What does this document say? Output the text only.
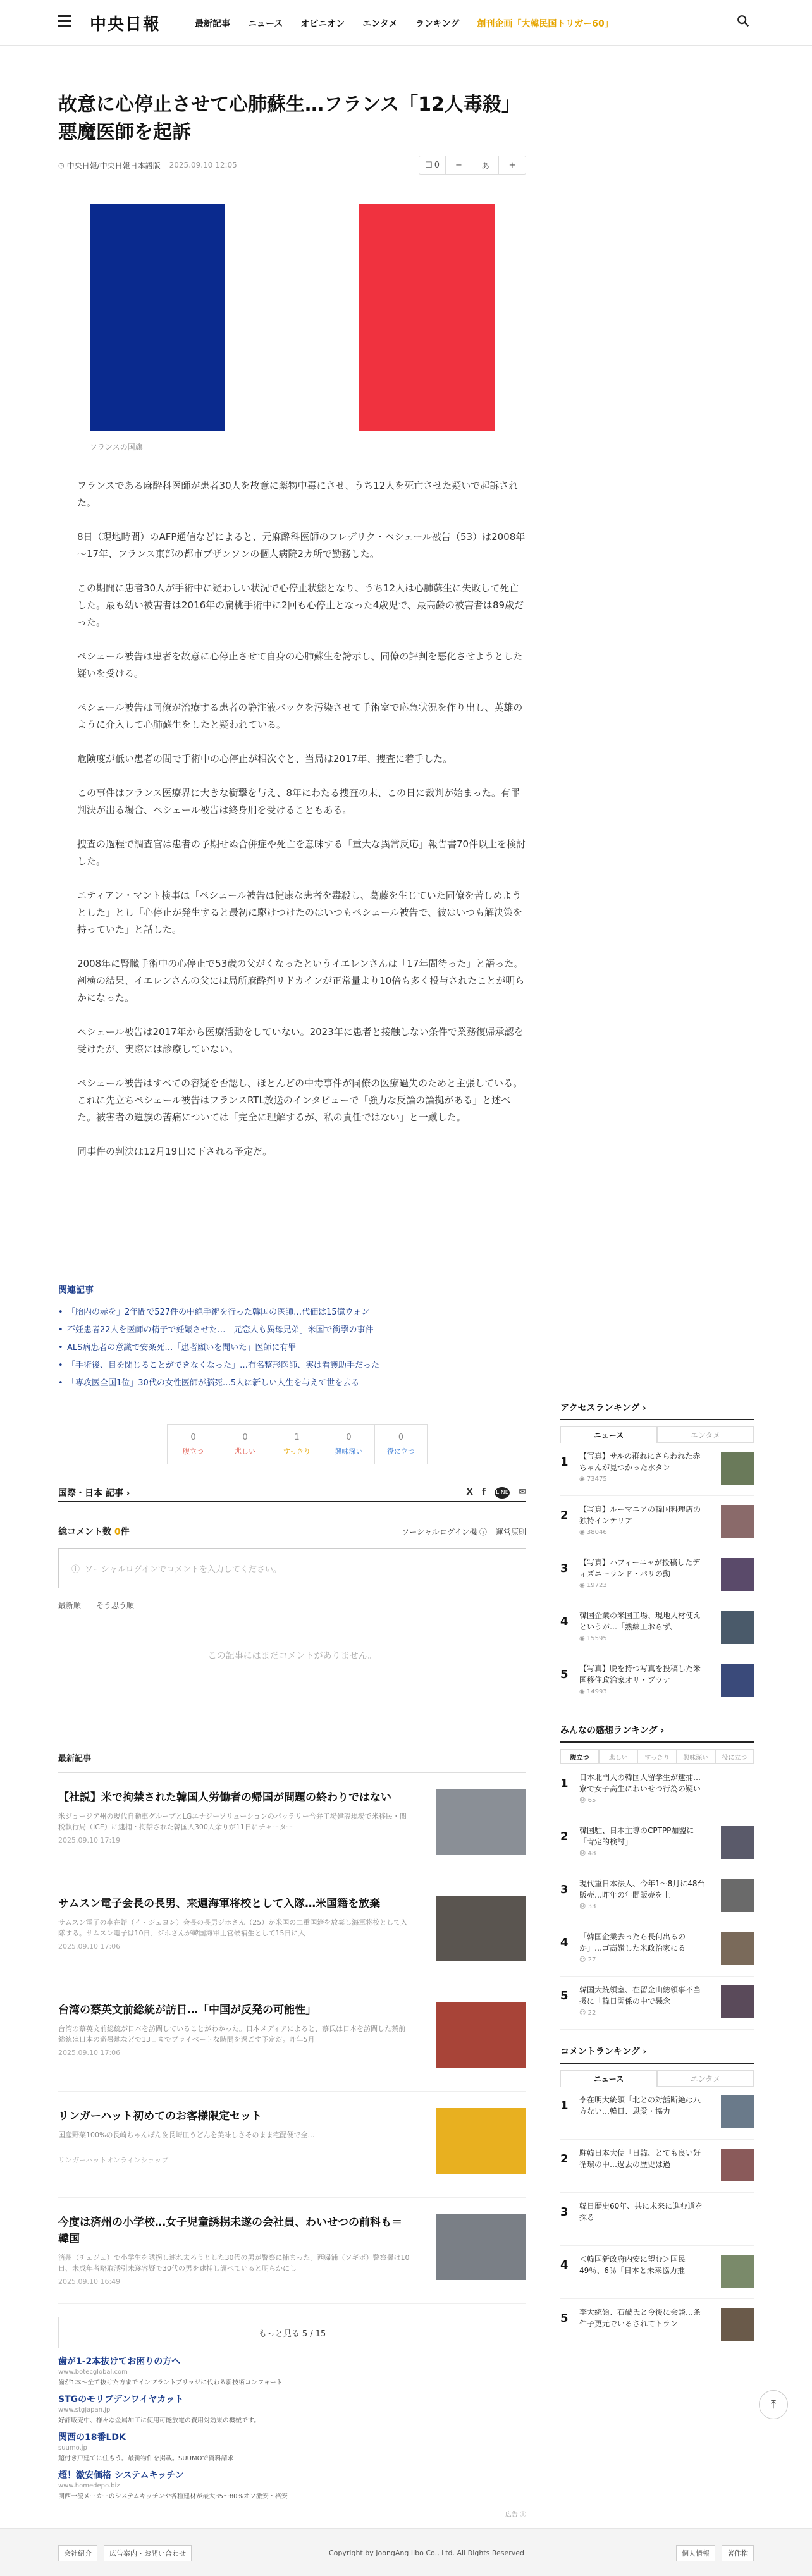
中央日報	最新記事 ニュース オピニオン エンタメ ランキング 創刊企画「大韓民国トリガー60」
故意に心停止させて心肺蘇生…フランス「12人毒殺」悪魔医師を起訴
◷ 中央日報/中央日報日本語版 2025.09.10 12:05	☐ 0	−	あ	+
フランスの国旗

フランスである麻酔科医師が患者30人を故意に薬物中毒にさせ、うち12人を死亡させた疑いで起訴された。

8日（現地時間）のAFP通信などによると、元麻酔科医師のフレデリク・ペシェール被告（53）は2008年～17年、フランス東部の都市ブザンソンの個人病院2カ所で勤務した。

この期間に患者30人が手術中に疑わしい状況で心停止状態となり、うち12人は心肺蘇生に失敗して死亡した。最も幼い被害者は2016年の扁桃手術中に2回も心停止となった4歳児で、最高齢の被害者は89歳だった。

ペシェール被告は患者を故意に心停止させて自身の心肺蘇生を誇示し、同僚の評判を悪化させようとした疑いを受ける。

ペシェール被告は同僚が治療する患者の静注液バックを汚染させて手術室で応急状況を作り出し、英雄のように介入して心肺蘇生をしたと疑われている。

危険度が低い患者の間で手術中の心停止が相次ぐと、当局は2017年、捜査に着手した。

この事件はフランス医療界に大きな衝撃を与え、8年にわたる捜査の末、この日に裁判が始まった。有罪判決が出る場合、ペシェール被告は終身刑を受けることもある。

捜査の過程で調査官は患者の予期せぬ合併症や死亡を意味する「重大な異常反応」報告書70件以上を検討した。

エティアン・マント検事は「ペシェール被告は健康な患者を毒殺し、葛藤を生じていた同僚を苦しめようとした」とし「心停止が発生すると最初に駆けつけたのはいつもペシェール被告で、彼はいつも解決策を持っていた」と話した。

2008年に腎臓手術中の心停止で53歳の父がくなったというイエレンさんは「17年間待った」と語った。剖検の結果、イエレンさんの父には局所麻酔剤リドカインが正常量より10倍も多く投与されたことが明らかになった。

ペシェール被告は2017年から医療活動をしていない。2023年に患者と接触しない条件で業務復帰承認を受けたが、実際には診療していない。

ペシェール被告はすべての容疑を否認し、ほとんどの中毒事件が同僚の医療過失のためと主張している。これに先立ちペシェール被告はフランスRTL放送のインタビューで「強力な反論の論拠がある」と述べた。被害者の遺族の苦痛については「完全に理解するが、私の責任ではない」と一蹴した。

同事件の判決は12月19日に下される予定だ。

関連記事
• 「胎内の赤を」2年間で527件の中絶手術を行った韓国の医師…代価は15億ウォン
• 不妊患者22人を医師の精子で妊娠させた…「元恋人も異母兄弟」米国で衝撃の事件
• ALS病患者の意識で安楽死…「患者願いを聞いた」医師に有罪
• 「手術後、目を閉じることができなくなった」…有名整形医師、実は看護助手だった
• 「専攻医全国1位」30代の女性医師が脳死…5人に新しい人生を与えて世を去る
0
腹立つ
0
悲しい
1
すっきり
0
興味深い
0
役に立つ
国際・日本 記事 ›	X f LINE ✉
総コメント数 0件	ソーシャルログイン機 ⓘ 運営原則
ⓘ ソーシャルログインでコメントを入力してください。
最新順 そう思う順
この記事にはまだコメントがありません。
最新記事
【社説】米で拘禁された韓国人労働者の帰国が問題の終わりではない
米ジョージア州の現代自動車グループとLGエナジーソリューションのバッテリー合弁工場建設現場で米移民・関税執行局（ICE）に逮捕・拘禁された韓国人300人余りが11日にチャーター
2025.09.10 17:19
サムスン電子会長の長男、来週海軍将校として入隊…米国籍を放棄
サムスン電子の李在鎔（イ・ジェヨン）会長の長男ジホさん（25）が米国の二重国籍を放棄し海軍将校として入隊する。サムスン電子は10日、ジホさんが韓国海軍士官候補生として15日に入
2025.09.10 17:06
台湾の蔡英文前総統が訪日…「中国が反発の可能性」
台湾の蔡英文前総統が日本を訪問していることがわかった。日本メディアによると、蔡氏は日本を訪問した蔡前総統は日本の避暑地などで13日までプライベートな時間を過ごす予定だ。昨年5月
2025.09.10 17:06
リンガーハット初めてのお客様限定セット
国産野菜100%の長崎ちゃんぽん＆長崎皿うどんを美味しさそのまま宅配便で全…
リンガーハットオンラインショップ
今度は済州の小学校…女子児童誘拐未遂の会社員、わいせつの前科も＝韓国
済州（チェジュ）で小学生を誘拐し連れ去ろうとした30代の男が警察に捕まった。西帰浦（ソギポ）警察署は10日、未成年者略取誘引未遂容疑で30代の男を逮捕し調べていると明らかにし
2025.09.10 16:49
もっと見る 5 / 15
歯が1-2本抜けてお困りの方へ
www.botecglobal.com
歯が1本〜全て抜けた方までインプラントブリッジに代わる新技術コンフォート
STGのモリブデンワイヤカット
www.stgjapan.jp
好評販売中、様々な金属加工に使用可能放電の費用対効果の機械です。
関西の18番LDK
suumo.jp
超付き戸建てに住もう。最新物件を掲載。SUUMOで資料請求
超！激安価格 システムキッチン
www.homedepo.biz
関西一流メーカーのシステムキッチンや各種建材が最大35〜80%オフ激安・格安
広告 ⓘ
アクセスランキング ›
ニュース	エンタメ
1 【写真】サルの群れにさらわれた赤ちゃんが見つかった水タン
◉ 73475
2 【写真】ルーマニアの韓国料理店の独特インテリア
◉ 38046
3 【写真】ハフィーニャが投稿したディズニーランド・パリの動
◉ 19723
4 韓国企業の米国工場、現地人材使えというが…「熟練工おらず、
◉ 15595
5 【写真】脱を持つ写真を投稿した米国移住政治家オリ・ブラナ
◉ 14993
みんなの感想ランキング ›
腹立つ	悲しい	すっきり	興味深い	役に立つ
1 日本北門大の韓国人留学生が逮捕…寮で女子高生にわいせつ行為の疑い
☹ 65
2 韓国駐、日本主導のCPTPP加盟に「肯定的検討」
☹ 48
3 現代重日本法人、今年1〜8月に48台販売…昨年の年間販売を上
☹ 33
4 「韓国企業去ったら長何出るのか」…ゴ高嶺した米政治家にる
☹ 27
5 韓国大統領室、在留金山総領事不当扱に「韓日関係の中で懸念
☹ 22
コメントランキング ›
ニュース	エンタメ
1 李在明大統領「北との対話断絶は八方ない…韓日、恩愛・協力
2 駐韓日本大使「日韓、とても良い好循環の中…過去の歴史は過
3 韓日歴史60年、共に未来に進む道を探る
4 ＜韓国新政府内安に望む＞国民49％、6％「日本と未来協力推
5 李大統領、石破氏と今後に会談…条件子更元でいるされてトラン
⤒
会社紹介	広告案内・お問い合わせ	Copyright by JoongAng Ilbo Co., Ltd. All Rights Reserved	個人情報	著作権
